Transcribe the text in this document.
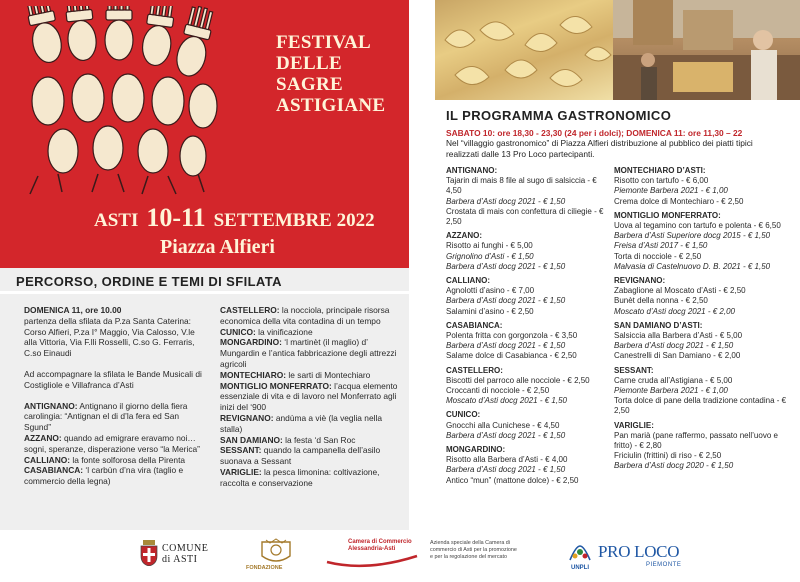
FESTIVAL
DELLE
SAGRE
ASTIGIANE
ASTI 10-11 SETTEMBRE 2022
Piazza Alfieri
PERCORSO, ORDINE E TEMI DI SFILATA
DOMENICA 11, ore 10.00
partenza della sfilata da P.za Santa Caterina: Corso Alfieri, P.za I° Maggio, Via Calosso, V.le alla Vittoria, Via F.lli Rosselli, C.so G. Ferraris, C.so Einaudi
Ad accompagnare la sfilata le Bande Musicali di Costigliole e Villafranca d’Asti
ANTIGNANO: Antignano il giorno della fiera carolingia: “Antignan el di d’la fera ed San Sgund”
AZZANO: quando ad emigrare eravamo noi… sogni, speranze, disperazione verso “la Merica”
CALLIANO: la fonte solforosa della Pirenta
CASABIANCA: ‘l carbùn d’na vira (taglio e commercio della legna)
CASTELLERO: la nocciola, principale risorsa economica della vita contadina di un tempo
CUNICO: la vinificazione
MONGARDINO: ‘l martinèt (il maglio) d’ Mungardin e l’antica fabbricazione degli attrezzi agricoli
MONTECHIARO: le sarti di Montechiaro
MONTIGLIO MONFERRATO: l’acqua elemento essenziale di vita e di lavoro nel Monferrato agli inizi del ‘900
REVIGNANO: andùma a viè (la veglia nella stalla)
SAN DAMIANO: la festa ‘d San Roc
SESSANT: quando la campanella dell’asilo suonava a Sessant
VARIGLIE: la pesca limonina: coltivazione, raccolta e conservazione
IL PROGRAMMA GASTRONOMICO
SABATO 10: ore 18,30 - 23,30 (24 per i dolci); DOMENICA 11: ore 11,30 – 22
Nel “villaggio gastronomico” di Piazza Alfieri distribuzione al pubblico dei piatti tipici realizzati dalle 13 Pro Loco partecipanti.
ANTIGNANO:
Tajarin di mais 8 file al sugo di salsiccia - € 4,50
Barbera d’Asti docg 2021 - € 1,50
Crostata di mais con confettura di ciliegie - € 2,50
AZZANO:
Risotto ai funghi - € 5,00
Grignolino d’Asti - € 1,50
Barbera d’Asti docg 2021 - € 1,50
CALLIANO:
Agnolotti d’asino - € 7,00
Barbera d’Asti docg 2021 - € 1,50
Salamini d’asino - € 2,50
CASABIANCA:
Polenta fritta con gorgonzola - € 3,50
Barbera d’Asti docg 2021 - € 1,50
Salame dolce di Casabianca - € 2,50
CASTELLERO:
Biscotti del parroco alle nocciole - € 2,50
Croccanti di nocciole - € 2,50
Moscato d’Asti docg 2021 - € 1,50
CUNICO:
Gnocchi alla Cunichese - € 4,50
Barbera d’Asti docg 2021 - € 1,50
MONGARDINO:
Risotto alla Barbera d’Asti - € 4,00
Barbera d’Asti docg 2021 - € 1,50
Antico “mun” (mattone dolce) - € 2,50
MONTECHIARO D’ASTI:
Risotto con tartufo - € 6,00
Piemonte Barbera 2021 - € 1,00
Crema dolce di Montechiaro - € 2,50
MONTIGLIO MONFERRATO:
Uova al tegamino con tartufo e polenta - € 6,50
Barbera d’Asti Superiore docg 2015 - € 1,50
Freisa d’Asti 2017 - € 1,50
Torta di nocciole - € 2,50
Malvasia di Castelnuovo D. B. 2021 - € 1,50
REVIGNANO:
Zabaglione al Moscato d’Asti - € 2,50
Bunèt della nonna - € 2,50
Moscato d’Asti docg 2021 - € 2,00
SAN DAMIANO D’ASTI:
Salsiccia alla Barbera d’Asti - € 5,00
Barbera d’Asti docg 2021 - € 1,50
Canestrelli di San Damiano - € 2,00
SESSANT:
Carne cruda all’Astigiana - € 5,00
Piemonte Barbera 2021 - € 1,00
Torta dolce di pane della tradizione contadina - € 2,50
VARIGLIE:
Pan marià (pane raffermo, passato nell’uovo e fritto) - € 2,80
Friciulin (frittini) di riso - € 2,50
Barbera d’Asti docg 2020 - € 1,50
COMUNE
di ASTI
FONDAZIONE
Camera di Commercio
Alessandria-Asti
Azienda speciale della Camera di
commercio di Asti per la promozione
e per la regolazione del mercato
UNPLI
PRO LOCO
PIEMONTE
